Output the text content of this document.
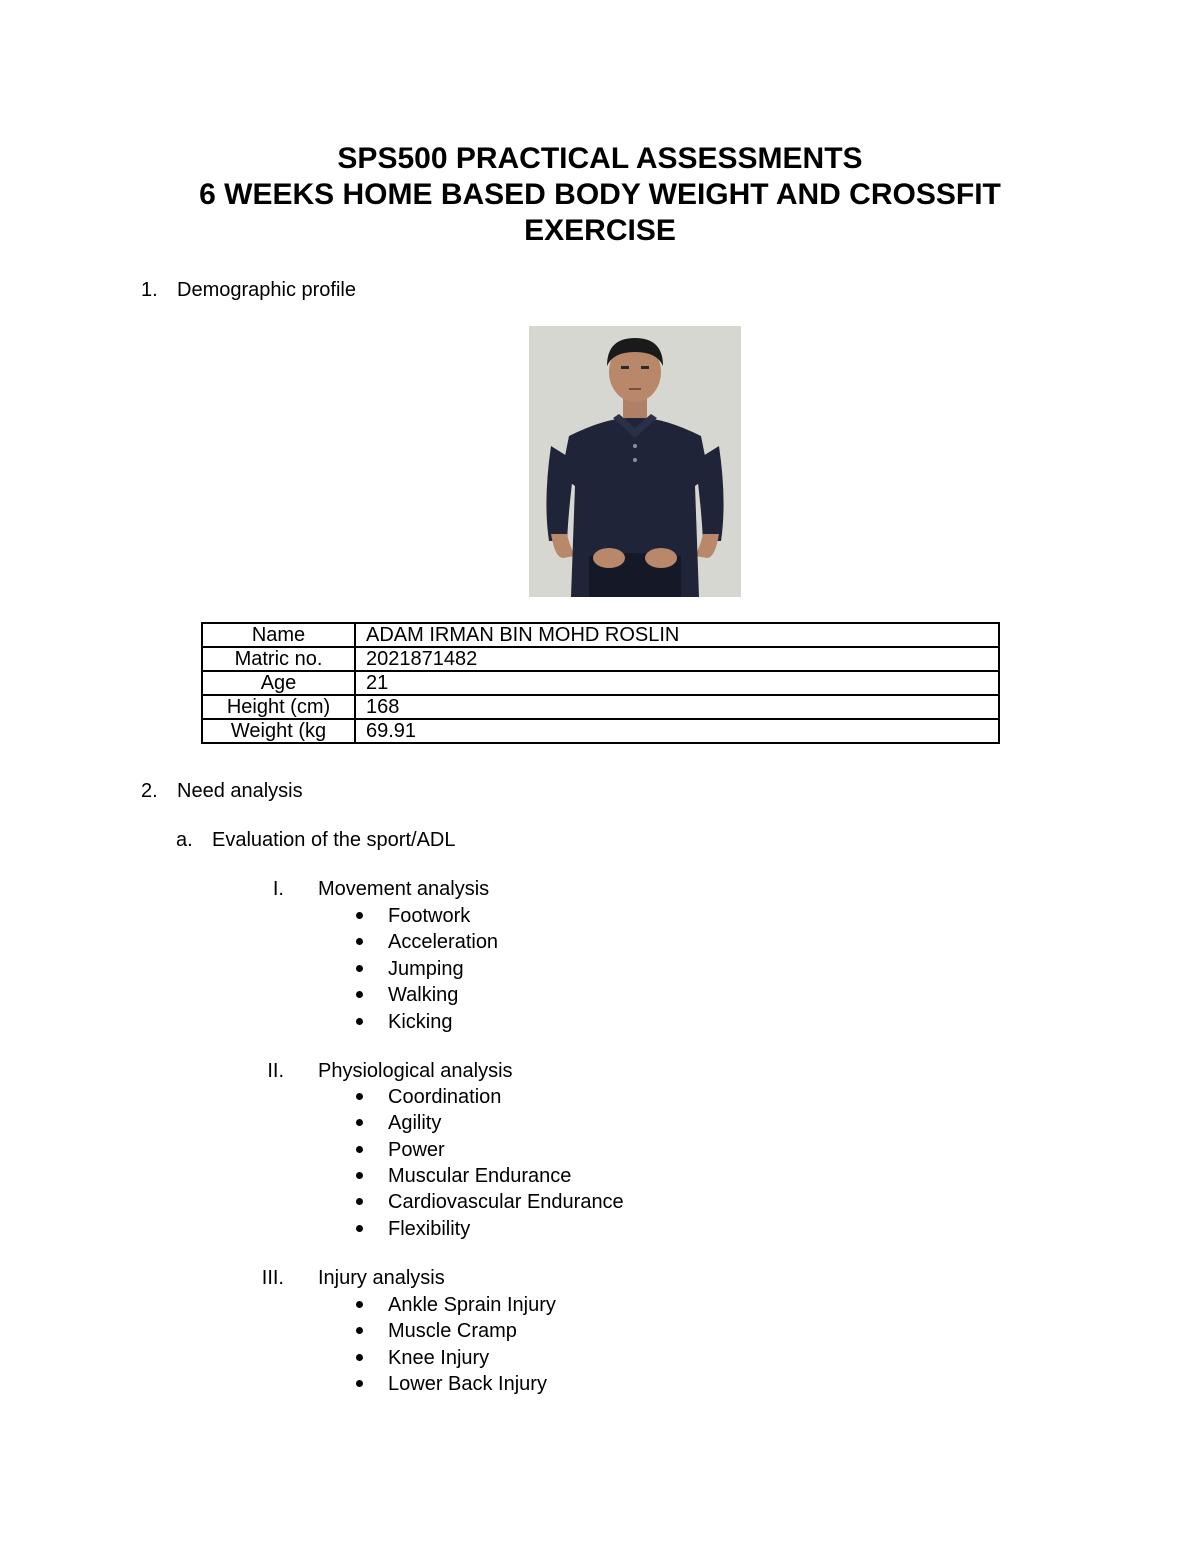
SPS500 PRACTICAL ASSESSMENTS
6 WEEKS HOME BASED BODY WEIGHT AND CROSSFIT
EXERCISE
1. Demographic profile
Name	ADAM IRMAN BIN MOHD ROSLIN
Matric no.	2021871482
Age	21
Height (cm)	168
Weight (kg	69.91
2. Need analysis
a. Evaluation of the sport/ADL
I. Movement analysis
Footwork
Acceleration
Jumping
Walking
Kicking
II. Physiological analysis
Coordination
Agility
Power
Muscular Endurance
Cardiovascular Endurance
Flexibility
III. Injury analysis
Ankle Sprain Injury
Muscle Cramp
Knee Injury
Lower Back Injury
